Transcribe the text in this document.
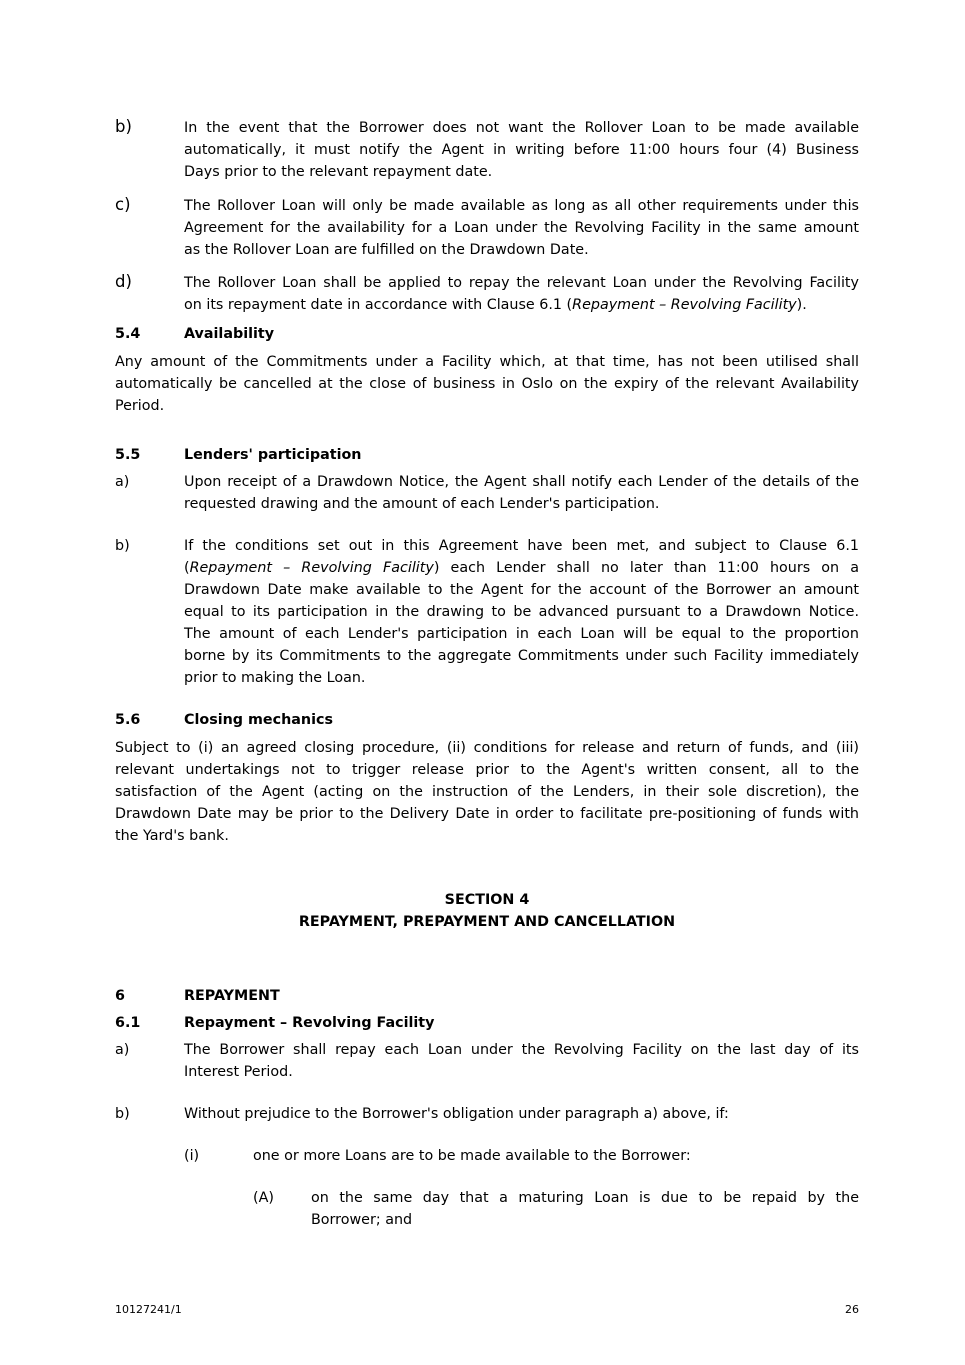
b)	In the event that the Borrower does not want the Rollover Loan to be made available
automatically, it must notify the Agent in writing before 11:00 hours four (4) Business
Days prior to the relevant repayment date.
c)	The Rollover Loan will only be made available as long as all other requirements under this
Agreement for the availability for a Loan under the Revolving Facility in the same amount
as the Rollover Loan are fulfilled on the Drawdown Date.
d)	The Rollover Loan shall be applied to repay the relevant Loan under the Revolving Facility
on its repayment date in accordance with Clause 6.1 (Repayment – Revolving Facility).
5.4	Availability
Any amount of the Commitments under a Facility which, at that time, has not been utilised shall
automatically be cancelled at the close of business in Oslo on the expiry of the relevant Availability
Period.
5.5	Lenders' participation
a)	Upon receipt of a Drawdown Notice, the Agent shall notify each Lender of the details of the
requested drawing and the amount of each Lender's participation.
b)	If the conditions set out in this Agreement have been met, and subject to Clause 6.1
(Repayment – Revolving Facility) each Lender shall no later than 11:00 hours on a
Drawdown Date make available to the Agent for the account of the Borrower an amount
equal to its participation in the drawing to be advanced pursuant to a Drawdown Notice.
The amount of each Lender's participation in each Loan will be equal to the proportion
borne by its Commitments to the aggregate Commitments under such Facility immediately
prior to making the Loan.
5.6	Closing mechanics
Subject to (i) an agreed closing procedure, (ii) conditions for release and return of funds, and (iii)
relevant undertakings not to trigger release prior to the Agent's written consent, all to the
satisfaction of the Agent (acting on the instruction of the Lenders, in their sole discretion), the
Drawdown Date may be prior to the Delivery Date in order to facilitate pre-positioning of funds with
the Yard's bank.
SECTION 4
REPAYMENT, PREPAYMENT AND CANCELLATION
6	REPAYMENT
6.1	Repayment – Revolving Facility
a)	The Borrower shall repay each Loan under the Revolving Facility on the last day of its
Interest Period.
b)	Without prejudice to the Borrower's obligation under paragraph a) above, if:
(i)	one or more Loans are to be made available to the Borrower:
(A)	on the same day that a maturing Loan is due to be repaid by the
Borrower; and
10127241/1	26
